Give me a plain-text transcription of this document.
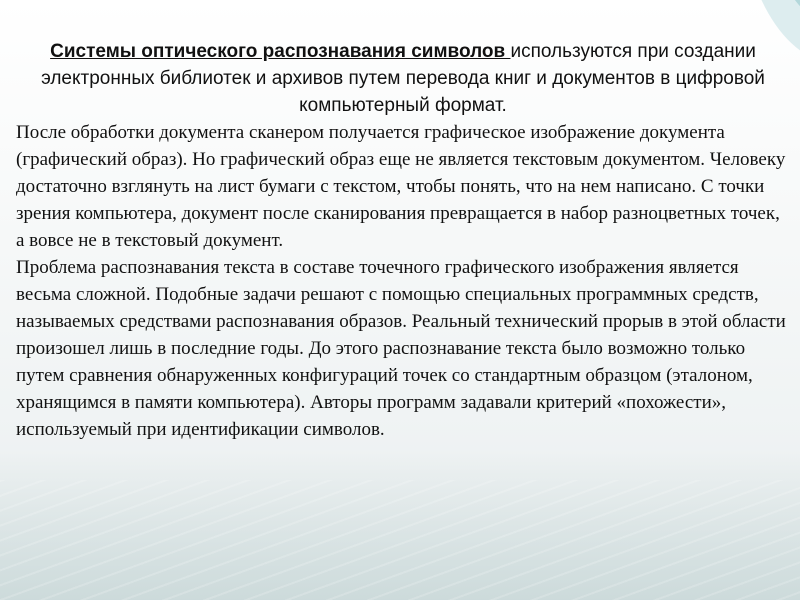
Системы оптического распознавания символов используются при создании электронных библиотек и архивов путем перевода книг и документов в цифровой компьютерный формат.

После обработки документа сканером получается графическое изображение документа (графический образ). Но графический образ еще не является текстовым документом. Человеку достаточно взглянуть на лист бумаги с текстом, чтобы понять, что на нем написано. С точки зрения компьютера, документ после сканирования превращается в набор разноцветных точек, а вовсе не в текстовый документ.

Проблема распознавания текста в составе точечного графического изображения является весьма сложной. Подобные задачи решают с помощью специальных программных средств, называемых средствами распознавания образов. Реальный технический прорыв в этой области произошел лишь в последние годы. До этого распознавание текста было возможно только путем сравнения обнаруженных конфигураций точек со стандартным образцом (эталоном, хранящимся в памяти компьютера). Авторы программ задавали критерий «похожести», используемый при идентификации символов.
